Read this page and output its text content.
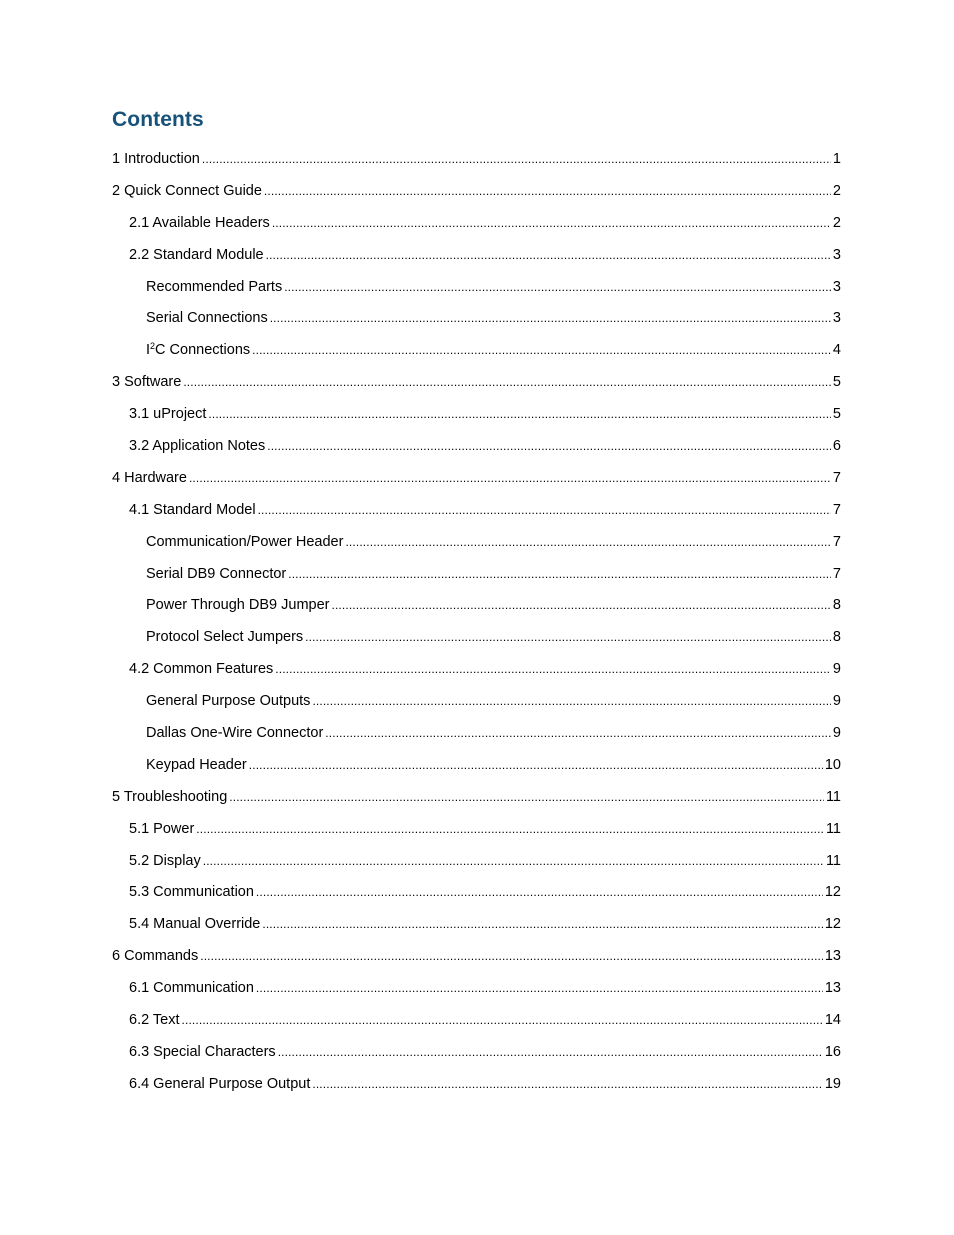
Contents
1 Introduction . . .	1
2 Quick Connect Guide . . .	2
2.1 Available Headers . . .	2
2.2 Standard Module . . .	3
Recommended Parts . . .	3
Serial Connections . . .	3
$I^2C$ Connections . . .	4
3 Software . . .	5
3.1 uProject . . .	5
3.2 Application Notes . . .	6
4 Hardware . . .	7
4.1 Standard Model . . .	7
Communication/Power Header . . .	7
Serial DB9 Connector . . .	7
Power Through DB9 Jumper . . .	8
Protocol Select Jumpers . . .	8
4.2 Common Features . . .	9
General Purpose Outputs . . .	9
Dallas One-Wire Connector . . .	9
Keypad Header . . .	10
5 Troubleshooting . . .	11
5.1 Power . . .	11
5.2 Display . . .	11
5.3 Communication . . .	12
5.4 Manual Override . . .	12
6 Commands . . .	13
6.1 Communication . . .	13
6.2 Text . . .	14
6.3 Special Characters . . .	16
6.4 General Purpose Output . . .	19
